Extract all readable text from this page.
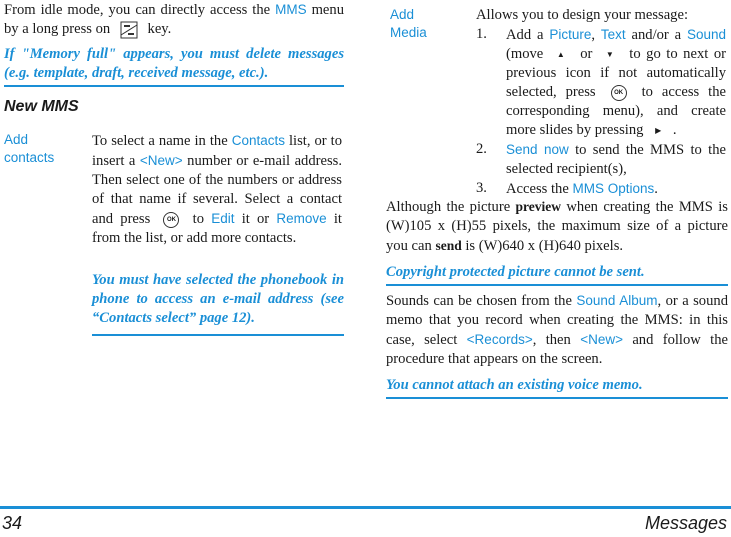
From idle mode, you can directly access the MMS menu by a long press on	key.

If "Memory full" appears, you must delete messages (e.g. template, draft, received message, etc.).
New MMS
Add
contacts

To select a name in the Contacts list, or to insert a <New> number or e-mail address. Then select one of the numbers or address of that name if several. Select a contact and press	OK to Edit it or Remove it from the list, or add more contacts.

You must have selected the phonebook in phone to access an e-mail address (see “Contacts select” page 12).
Add
Media

Allows you to design your message:

1. Add a Picture, Text and/or a Sound (move ▲ or ▼ to go to next or previous icon if not automatically selected, press	OK to access the corresponding menu), and create more slides by pressing ▶ .
2. Send now to send the MMS to the selected recipient(s),
3. Access the MMS Options.

Although the picture preview when creating the MMS is (W)105 x (H)55 pixels, the maximum size of a picture you can send is (W)640 x (H)640 pixels.

Copyright protected picture cannot be sent.

Sounds can be chosen from the Sound Album, or a sound memo that you record when creating the MMS: in this case, select <Records>, then <New> and follow the procedure that appears on the screen.

You cannot attach an existing voice memo.
34	Messages
